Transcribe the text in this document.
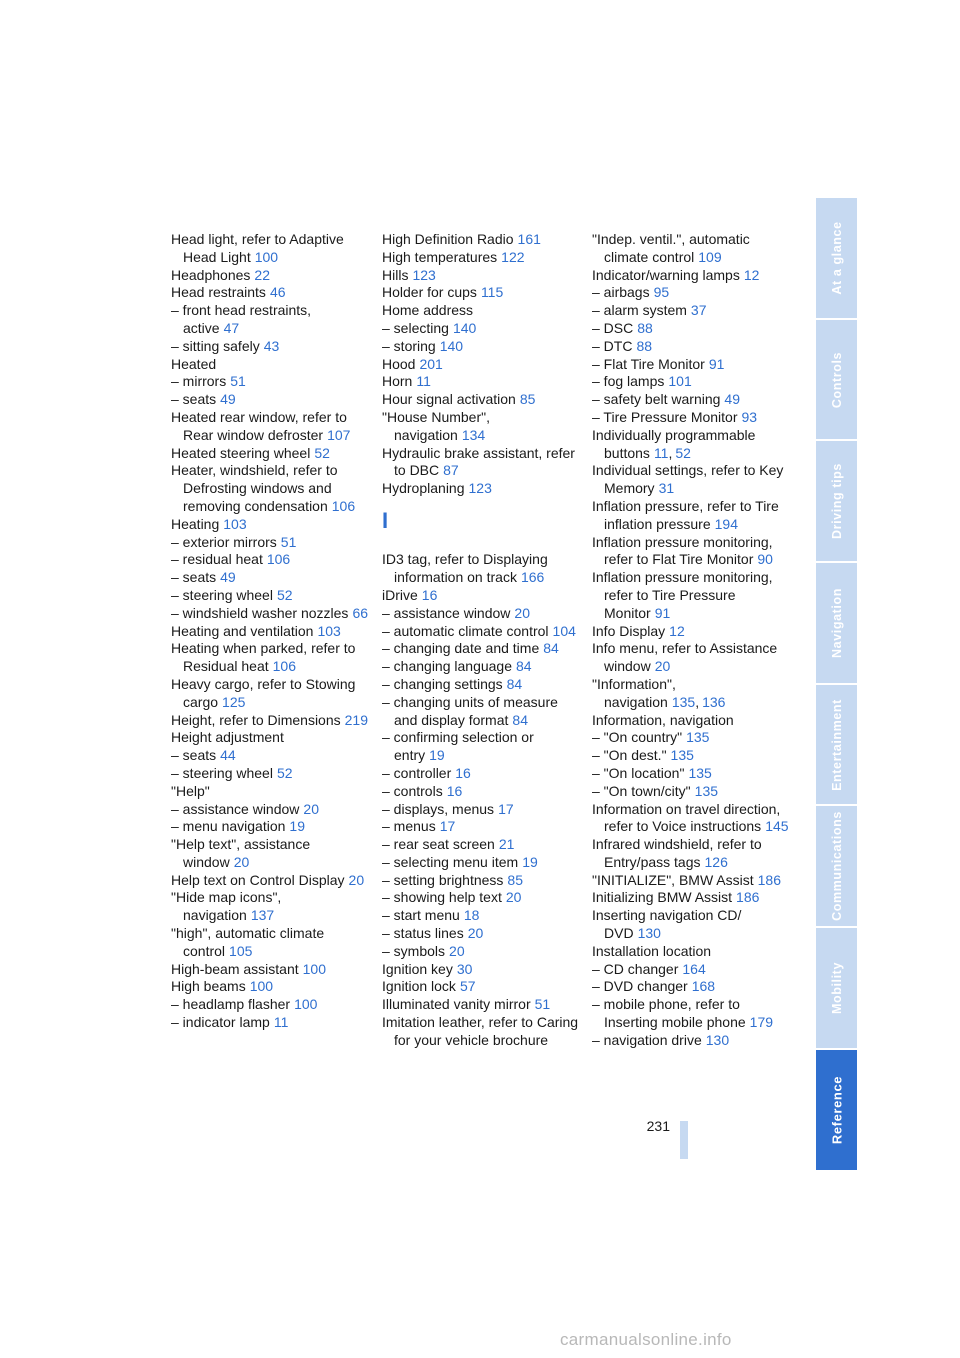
Head light, refer to Adaptive Head Light 100
Headphones 22
Head restraints 46
– front head restraints, active 47
– sitting safely 43
Heated
– mirrors 51
– seats 49
Heated rear window, refer to Rear window defroster 107
Heated steering wheel 52
Heater, windshield, refer to Defrosting windows and removing condensation 106
Heating 103
– exterior mirrors 51
– residual heat 106
– seats 49
– steering wheel 52
– windshield washer nozzles 66
Heating and ventilation 103
Heating when parked, refer to Residual heat 106
Heavy cargo, refer to Stowing cargo 125
Height, refer to Dimensions 219
Height adjustment
– seats 44
– steering wheel 52
"Help"
– assistance window 20
– menu navigation 19
"Help text", assistance window 20
Help text on Control Display 20
"Hide map icons", navigation 137
"high", automatic climate control 105
High-beam assistant 100
High beams 100
– headlamp flasher 100
– indicator lamp 11
High Definition Radio 161
High temperatures 122
Hills 123
Holder for cups 115
Home address
– selecting 140
– storing 140
Hood 201
Horn 11
Hour signal activation 85
"House Number", navigation 134
Hydraulic brake assistant, refer to DBC 87
Hydroplaning 123
I
ID3 tag, refer to Displaying information on track 166
iDrive 16
– assistance window 20
– automatic climate control 104
– changing date and time 84
– changing language 84
– changing settings 84
– changing units of measure and display format 84
– confirming selection or entry 19
– controller 16
– controls 16
– displays, menus 17
– menus 17
– rear seat screen 21
– selecting menu item 19
– setting brightness 85
– showing help text 20
– start menu 18
– status lines 20
– symbols 20
Ignition key 30
Ignition lock 57
Illuminated vanity mirror 51
Imitation leather, refer to Caring for your vehicle brochure
"Indep. ventil.", automatic climate control 109
Indicator/warning lamps 12
– airbags 95
– alarm system 37
– DSC 88
– DTC 88
– Flat Tire Monitor 91
– fog lamps 101
– safety belt warning 49
– Tire Pressure Monitor 93
Individually programmable buttons 11, 52
Individual settings, refer to Key Memory 31
Inflation pressure, refer to Tire inflation pressure 194
Inflation pressure monitoring, refer to Flat Tire Monitor 90
Inflation pressure monitoring, refer to Tire Pressure Monitor 91
Info Display 12
Info menu, refer to Assistance window 20
"Information", navigation 135, 136
Information, navigation
– "On country" 135
– "On dest." 135
– "On location" 135
– "On town/city" 135
Information on travel direction, refer to Voice instructions 145
Infrared windshield, refer to Entry/pass tags 126
"INITIALIZE", BMW Assist 186
Initializing BMW Assist 186
Inserting navigation CD/ DVD 130
Installation location
– CD changer 164
– DVD changer 168
– mobile phone, refer to Inserting mobile phone 179
– navigation drive 130
At a glance
Controls
Driving tips
Navigation
Entertainment
Communications
Mobility
Reference
231
carmanualsonline.info
